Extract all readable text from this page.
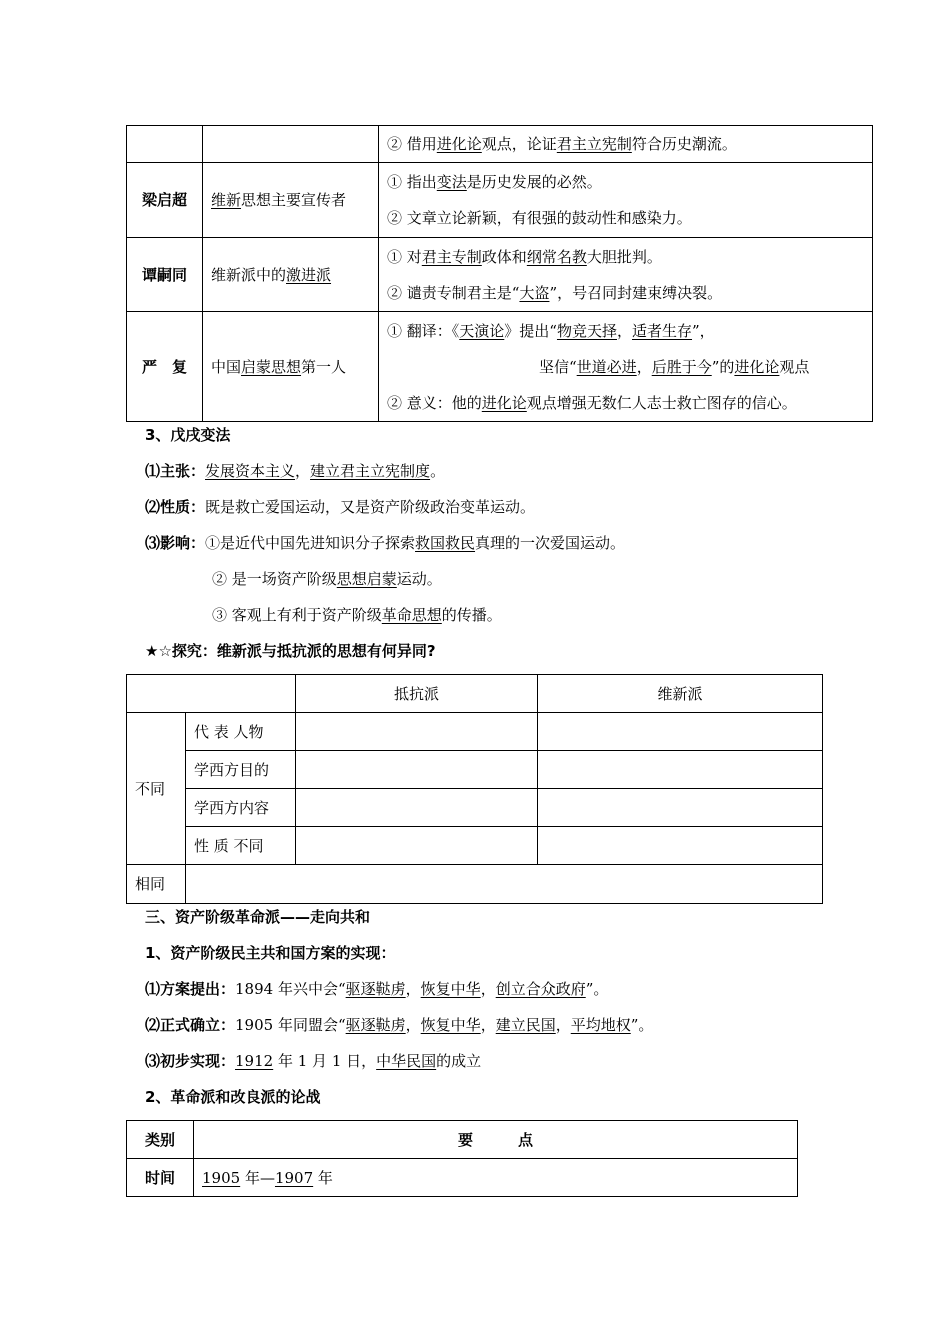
		② 借用进化论观点，论证君主立宪制符合历史潮流。
梁启超	维新思想主要宣传者	① 指出变法是历史发展的必然。
② 文章立论新颖，有很强的鼓动性和感染力。

谭嗣同	维新派中的激进派	① 对君主专制政体和纲常名教大胆批判。
② 谴责专制君主是“大盗”，号召同封建束缚决裂。

严　复	中国启蒙思想第一人	① 翻译：《天演论》提出“物竞天择，适者生存”，
坚信“世道必进，后胜于今”的进化论观点
② 意义：他的进化论观点增强无数仁人志士救亡图存的信心。
3、戊戌变法
⑴主张：发展资本主义，建立君主立宪制度。
⑵性质：既是救亡爱国运动，又是资产阶级政治变革运动。
⑶影响：①是近代中国先进知识分子探索救国救民真理的一次爱国运动。
② 是一场资产阶级思想启蒙运动。
③ 客观上有利于资产阶级革命思想的传播。
★☆探究：维新派与抵抗派的思想有何异同?
		抵抗派	维新派
不同	代 表 人物		
	学西方目的		
	学西方内容		
	性 质 不同		
相同			
三、资产阶级革命派——走向共和
1、资产阶级民主共和国方案的实现：
⑴方案提出：1894 年兴中会“驱逐鞑虏，恢复中华，创立合众政府”。
⑵正式确立：1905 年同盟会“驱逐鞑虏，恢复中华，建立民国，平均地权”。
⑶初步实现：1912 年 1 月 1 日，中华民国的成立
2、革命派和改良派的论战
类别	要　　　点
时间	1905 年—1907 年
